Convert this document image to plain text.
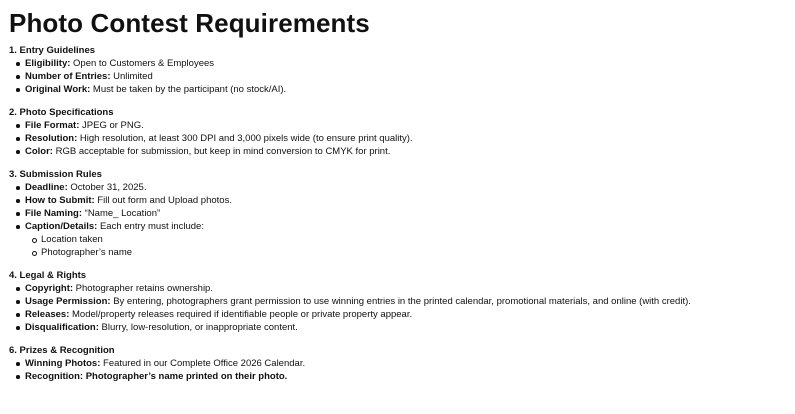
Photo Contest Requirements

1. Entry Guidelines

Eligibility: Open to Customers & Employees
Number of Entries: Unlimited
Original Work: Must be taken by the participant (no stock/AI).

2. Photo Specifications

File Format: JPEG or PNG.
Resolution: High resolution, at least 300 DPI and 3,000 pixels wide (to ensure print quality).
Color: RGB acceptable for submission, but keep in mind conversion to CMYK for print.

3. Submission Rules

Deadline: October 31, 2025.
How to Submit: Fill out form and Upload photos.
File Naming: “Name_ Location”
Caption/Details: Each entry must include:
Location taken
Photographer’s name

4. Legal & Rights

Copyright: Photographer retains ownership.
Usage Permission: By entering, photographers grant permission to use winning entries in the printed calendar, promotional materials, and online (with credit).
Releases: Model/property releases required if identifiable people or private property appear.
Disqualification: Blurry, low-resolution, or inappropriate content.

6. Prizes & Recognition

Winning Photos: Featured in our Complete Office 2026 Calendar.
Recognition: Photographer’s name printed on their photo.
